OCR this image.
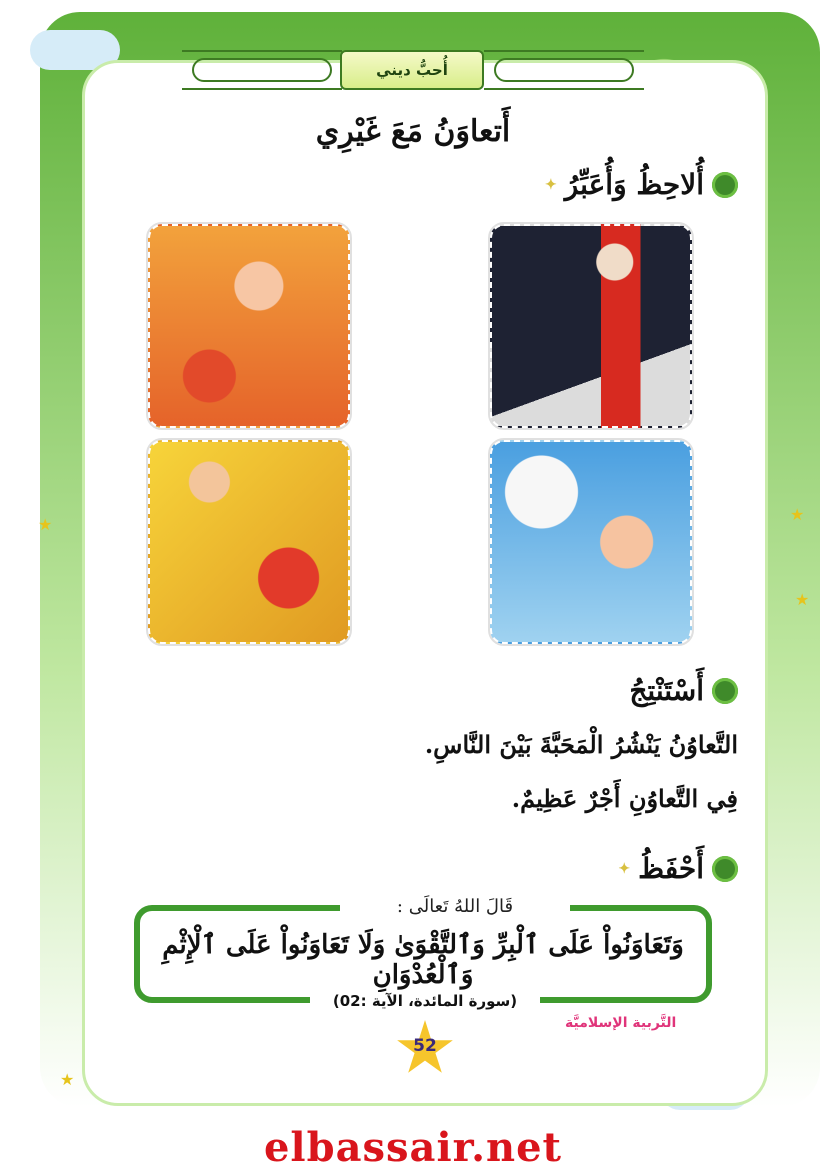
أُحبُّ ديني
★
★
★
★
أَتعاوَنُ مَعَ غَيْرِي
أُلاحِظُ وَأُعَبِّرُ
✦
أَسْتَنْتِجُ
التَّعاوُنُ يَنْشُرُ الْمَحَبَّةَ بَيْنَ النَّاسِ.
فِي التَّعاوُنِ أَجْرٌ عَظِيمٌ.
أَحْفَظُ
✦
قَالَ اللهُ تَعالَى :
وَتَعَاوَنُواْ عَلَى ٱلْبِرِّ وَٱلتَّقْوَىٰ وَلَا تَعَاوَنُواْ عَلَى ٱلْإِثْمِ وَٱلْعُدْوَانِ
(سورة المائدة، الآية :02)
التَّربية الإسلاميَّة
52
elbassair.net
